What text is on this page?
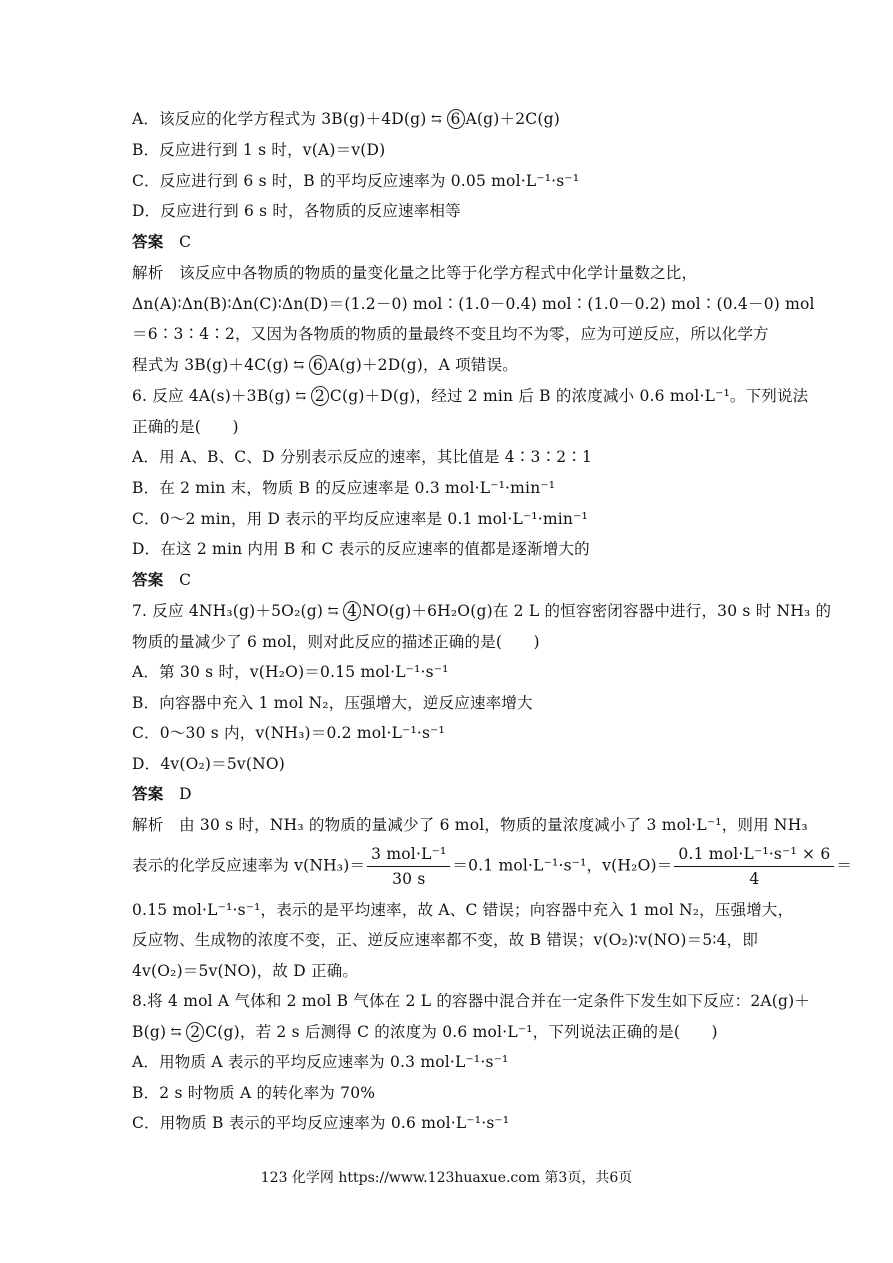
A．该反应的化学方程式为 3B(g)＋4D(g) ⇆ 6 A(g)＋2C(g)
B．反应进行到 1 s 时，v(A)＝v(D)
C．反应进行到 6 s 时，B 的平均反应速率为 0.05 mol·L⁻¹·s⁻¹
D．反应进行到 6 s 时，各物质的反应速率相等
答案　 C
解析　该反应中各物质的物质的量变化量之比等于化学方程式中化学计量数之比，
Δn(A)∶Δn(B)∶Δn(C)∶Δn(D)＝(1.2－0) mol∶(1.0－0.4) mol∶(1.0－0.2) mol∶(0.4－0) mol
＝6∶3∶4∶2，又因为各物质的物质的量最终不变且均不为零，应为可逆反应，所以化学方
程式为 3B(g)＋4C(g) ⇆ 6 A(g)＋2D(g)，A 项错误。
6. 反应 4A(s)＋3B(g) ⇆ 2 C(g)＋D(g)，经过 2 min 后 B 的浓度减小 0.6 mol·L⁻¹。下列说法
正确的是(　　)
A．用 A、B、C、D 分别表示反应的速率，其比值是 4∶3∶2∶1
B．在 2 min 末，物质 B 的反应速率是 0.3 mol·L⁻¹·min⁻¹
C．0～2 min，用 D 表示的平均反应速率是 0.1 mol·L⁻¹·min⁻¹
D．在这 2 min 内用 B 和 C 表示的反应速率的值都是逐渐增大的
答案　 C
7. 反应 4NH₃(g)＋5O₂(g) ⇆ 4 NO(g)＋6H₂O(g)在 2 L 的恒容密闭容器中进行，30 s 时 NH₃ 的
物质的量减少了 6 mol，则对此反应的描述正确的是(　　)
A．第 30 s 时，v(H₂O)＝0.15 mol·L⁻¹·s⁻¹
B．向容器中充入 1 mol N₂，压强增大，逆反应速率增大
C．0～30 s 内，v(NH₃)＝0.2 mol·L⁻¹·s⁻¹
D．4v(O₂)＝5v(NO)
答案　 D
解析　由 30 s 时，NH₃ 的物质的量减少了 6 mol，物质的量浓度减小了 3 mol·L⁻¹，则用 NH₃
表示的化学反应速率为 $v(NH_3)= \frac{\text{3 mol·L⁻¹}}{30 s} =0.1$ mol·L⁻¹·s⁻¹，$v(H_2O)= \frac{\text{0.1 mol·L⁻¹·s⁻¹ × 6}}{4}$ ＝
0.15 mol·L⁻¹·s⁻¹，表示的是平均速率，故 A、C 错误；向容器中充入 1 mol N₂，压强增大，
反应物、生成物的浓度不变，正、逆反应速率都不变，故 B 错误；v(O₂)∶v(NO)＝5∶4，即
4v(O₂)＝5v(NO)，故 D 正确。
8.将 4 mol A 气体和 2 mol B 气体在 2 L 的容器中混合并在一定条件下发生如下反应：2A(g)＋
B(g) ⇆ 2 C(g)，若 2 s 后测得 C 的浓度为 0.6 mol·L⁻¹，下列说法正确的是(　　)
A．用物质 A 表示的平均反应速率为 0.3 mol·L⁻¹·s⁻¹
B．2 s 时物质 A 的转化率为 70%
C．用物质 B 表示的平均反应速率为 0.6 mol·L⁻¹·s⁻¹
123 化学网 https://www.123huaxue.com 第3页，共6页
